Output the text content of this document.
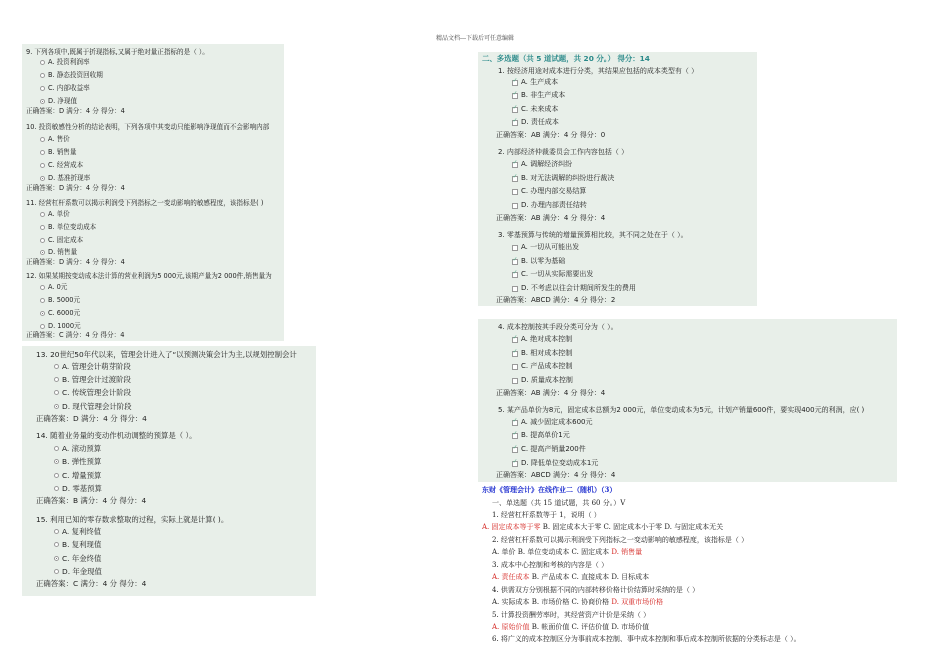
精品文档---下载后可任意编辑
9. 下列各项中,既属于折现指标,又属于绝对量正指标的是（ ）。
A. 投资利润率
B. 静态投资回收期
C. 内部收益率
D. 净现值
正确答案：D 满分：4 分 得分：4
10. 投资敏感性分析的结论表明，下列各项中其变动只能影响净现值而不会影响内部
A. 售价
B. 销售量
C. 经营成本
D. 基准折现率
正确答案：D 满分：4 分 得分：4
11. 经营杠杆系数可以揭示利润受下列指标之一变动影响的敏感程度，该指标是( )
A. 单价
B. 单位变动成本
C. 固定成本
D. 销售量
正确答案：D 满分：4 分 得分：4
12. 如果某期按变动成本法计算的营业利润为5 000元,该期产量为2 000件,销售量为
A. 0元
B. 5000元
C. 6000元
D. 1000元
正确答案：C 满分：4 分 得分：4
13. 20世纪50年代以来，管理会计进入了“以预测决策会计为主,以规划控制会计
A. 管理会计萌芽阶段
B. 管理会计过渡阶段
C. 传统管理会计阶段
D. 现代管理会计阶段
正确答案：D 满分：4 分 得分：4
14. 随着业务量的变动作机动调整的预算是（ ）。
A. 滚动预算
B. 弹性预算
C. 增量预算
D. 零基预算
正确答案：B 满分：4 分 得分：4
15. 利用已知的零存数求整取的过程，实际上就是计算( )。
A. 复利终值
B. 复利现值
C. 年金终值
D. 年金现值
正确答案：C 满分：4 分 得分：4
二、多选题（共 5 道试题，共 20 分。） 得分：14
1. 按经济用途对成本进行分类，其结果应包括的成本类型有（ ）
✓
A. 生产成本
✓
B. 非生产成本
✓
C. 未来成本
✓
D. 责任成本
正确答案：AB 满分：4 分 得分：0
2. 内部经济仲裁委员会工作内容包括（ ）
✓
A. 调解经济纠纷
✓
B. 对无法调解的纠纷进行裁决
C. 办理内部交易结算
D. 办理内部责任结转
正确答案：AB 满分：4 分 得分：4
3. 零基预算与传统的增量预算相比较，其不同之处在于（ ）。
A. 一切从可能出发
✓
B. 以零为基础
✓
C. 一切从实际需要出发
D. 不考虑以往会计期间所发生的费用
正确答案：ABCD 满分：4 分 得分：2
4. 成本控制按其手段分类可分为（ ）。
✓
A. 绝对成本控制
✓
B. 相对成本控制
C. 产品成本控制
D. 质量成本控制
正确答案：AB 满分：4 分 得分：4
5. 某产品单价为8元，固定成本总额为2 000元，单位变动成本为5元，计划产销量600件，要实现400元的利润，应( )
✓
A. 减少固定成本600元
✓
B. 提高单价1元
✓
C. 提高产销量200件
✓
D. 降低单位变动成本1元
正确答案：ABCD 满分：4 分 得分：4
东财《管理会计》在线作业二（随机）（3）
一、单选题（共 15 道试题，共 60 分。）V
1. 经营杠杆系数等于 1，说明（ ）
A. 固定成本等于零 B. 固定成本大于零 C. 固定成本小于零 D. 与固定成本无关
2. 经营杠杆系数可以揭示利润受下列指标之一变动影响的敏感程度，该指标是（ ）
A. 单价 B. 单位变动成本 C. 固定成本 D. 销售量
3. 成本中心控制和考核的内容是（ ）
A. 责任成本 B. 产品成本 C. 直接成本 D. 目标成本
4. 供需双方分别根据不同的内部转移价格计价结算时采纳的是（ ）
A. 实际成本 B. 市场价格 C. 协商价格 D. 双重市场价格
5. 计算投资酬劳率时，其经营资产计价是采纳（ ）
A. 原始价值 B. 帐面价值 C. 评估价值 D. 市场价值
6. 将广义的成本控制区分为事前成本控制、事中成本控制和事后成本控制所依据的分类标志是（ ）。
